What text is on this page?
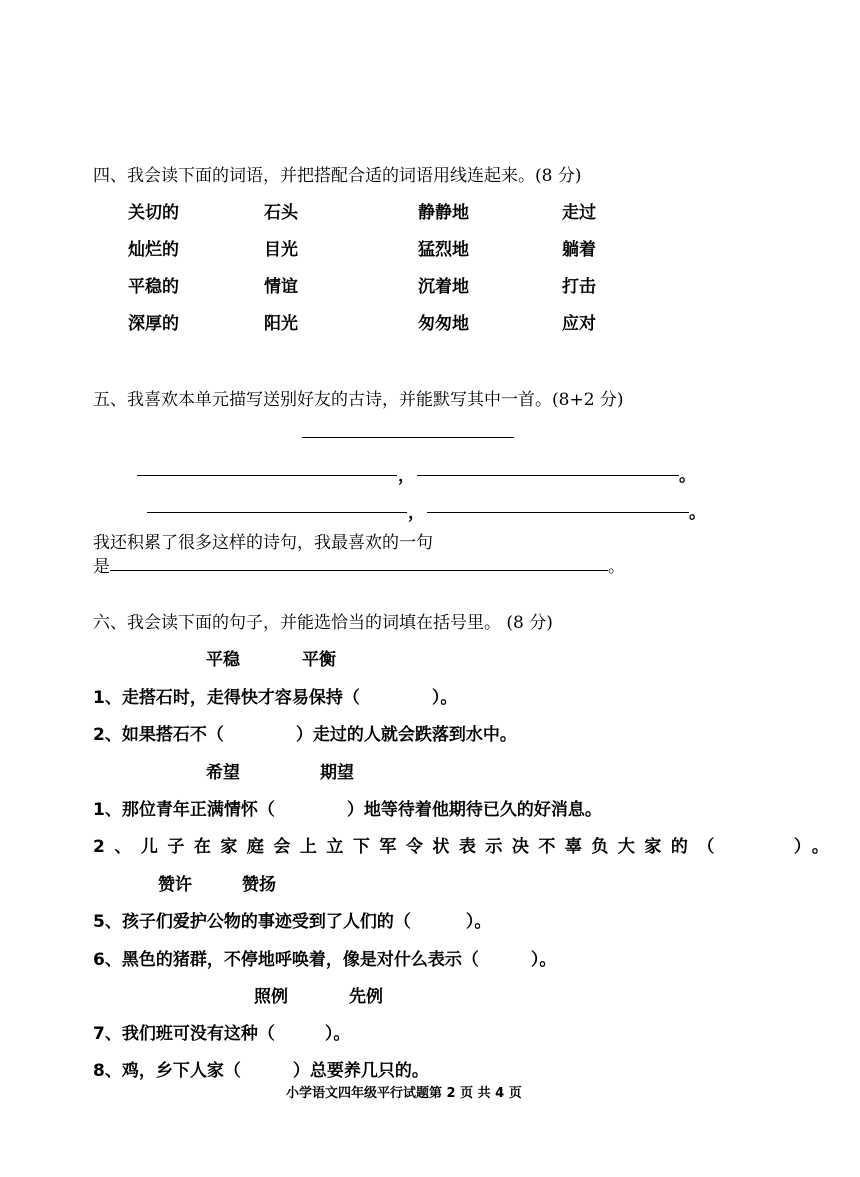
四、我会读下面的词语，并把搭配合适的词语用线连起来。(8 分)
关切的	石头	静静地	走过
灿烂的	目光	猛烈地	躺着
平稳的	情谊	沉着地	打击
深厚的	阳光	匆匆地	应对
五、我喜欢本单元描写送别好友的古诗，并能默写其中一首。(8+2 分)
，	。
，	。
我还积累了很多这样的诗句，我最喜欢的一句
是	。
六、我会读下面的句子，并能选恰当的词填在括号里。 (8 分)
平稳	平衡
1、走搭石时，走得快才容易保持（	）。
2、如果搭石不（	）走过的人就会跌落到水中。
希望	期望
1、那位青年正满情怀（	）地等待着他期待已久的好消息。
2、儿子在家庭会上立下军令状表示决不辜负大家的（	）。
赞许	赞扬
5、孩子们爱护公物的事迹受到了人们的（	）。
6、黑色的猪群，不停地呼唤着，像是对什么表示（	）。
照例	先例
7、我们班可没有这种（	）。
8、鸡，乡下人家（	）总要养几只的。
小学语文四年级平行试题第 2 页 共 4 页
